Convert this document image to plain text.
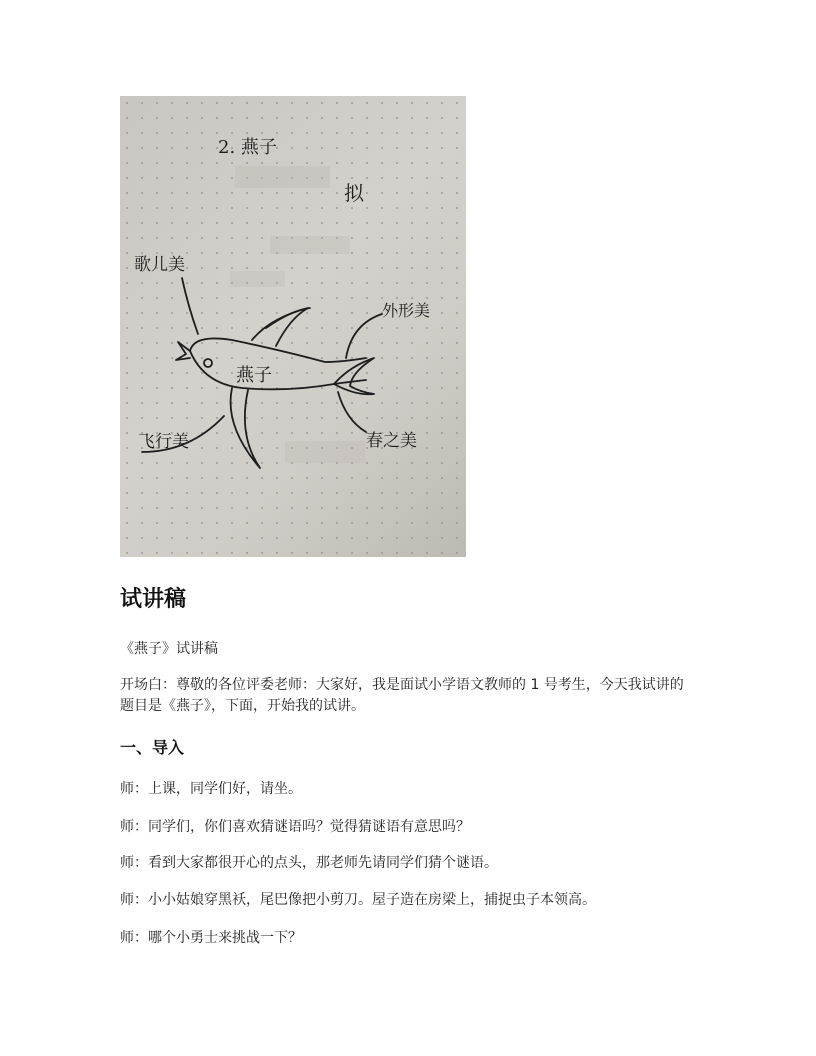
2. 燕子
拟
歌儿美
外形美
飞行美	春之美
燕子
试讲稿

《燕子》试讲稿

开场白：尊敬的各位评委老师：大家好，我是面试小学语文教师的 1 号考生，今天我试讲的题目是《燕子》，下面，开始我的试讲。

一、导入

师：上课，同学们好，请坐。

师：同学们，你们喜欢猜谜语吗？觉得猜谜语有意思吗？

师：看到大家都很开心的点头，那老师先请同学们猜个谜语。

师：小小姑娘穿黑袄，尾巴像把小剪刀。屋子造在房梁上，捕捉虫子本领高。

师：哪个小勇士来挑战一下？
